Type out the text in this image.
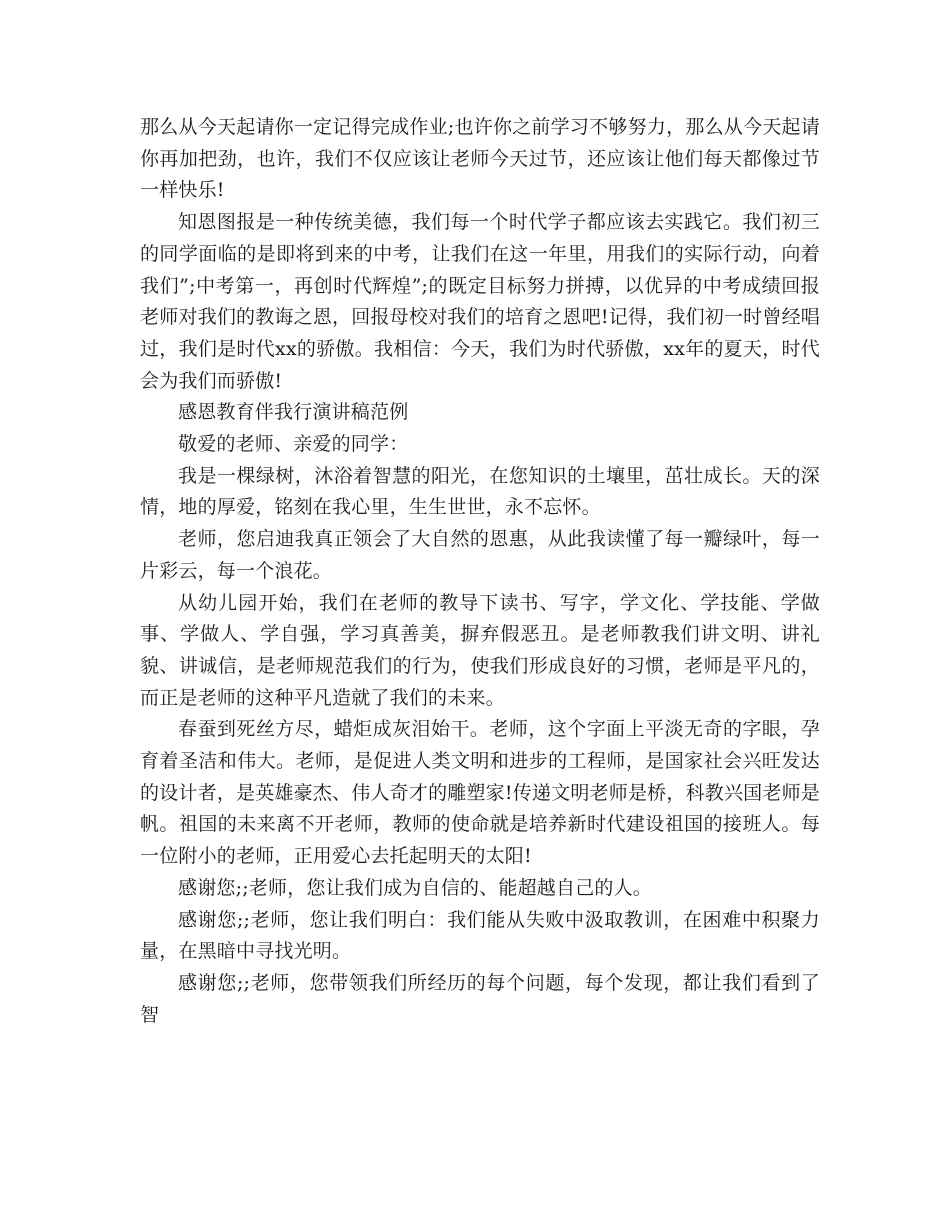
那么从今天起请你一定记得完成作业;也许你之前学习不够努力，那么从今天起请你再加把劲，也许，我们不仅应该让老师今天过节，还应该让他们每天都像过节一样快乐!

知恩图报是一种传统美德，我们每一个时代学子都应该去实践它。我们初三的同学面临的是即将到来的中考，让我们在这一年里，用我们的实际行动，向着我们”;中考第一，再创时代辉煌”;的既定目标努力拼搏，以优异的中考成绩回报老师对我们的教诲之恩，回报母校对我们的培育之恩吧!记得，我们初一时曾经唱过，我们是时代xx的骄傲。我相信：今天，我们为时代骄傲，xx年的夏天，时代会为我们而骄傲!

感恩教育伴我行演讲稿范例

敬爱的老师、亲爱的同学：

我是一棵绿树，沐浴着智慧的阳光，在您知识的土壤里，茁壮成长。天的深情，地的厚爱，铭刻在我心里，生生世世，永不忘怀。

老师，您启迪我真正领会了大自然的恩惠，从此我读懂了每一瓣绿叶，每一片彩云，每一个浪花。

从幼儿园开始，我们在老师的教导下读书、写字，学文化、学技能、学做事、学做人、学自强，学习真善美，摒弃假恶丑。是老师教我们讲文明、讲礼貌、讲诚信，是老师规范我们的行为，使我们形成良好的习惯，老师是平凡的，而正是老师的这种平凡造就了我们的未来。

春蚕到死丝方尽，蜡炬成灰泪始干。老师，这个字面上平淡无奇的字眼，孕育着圣洁和伟大。老师，是促进人类文明和进步的工程师，是国家社会兴旺发达的设计者，是英雄豪杰、伟人奇才的雕塑家!传递文明老师是桥，科教兴国老师是帆。祖国的未来离不开老师，教师的使命就是培养新时代建设祖国的接班人。每一位附小的老师，正用爱心去托起明天的太阳!

感谢您;;老师，您让我们成为自信的、能超越自己的人。

感谢您;;老师，您让我们明白：我们能从失败中汲取教训，在困难中积聚力量，在黑暗中寻找光明。

感谢您;;老师，您带领我们所经历的每个问题，每个发现，都让我们看到了智
